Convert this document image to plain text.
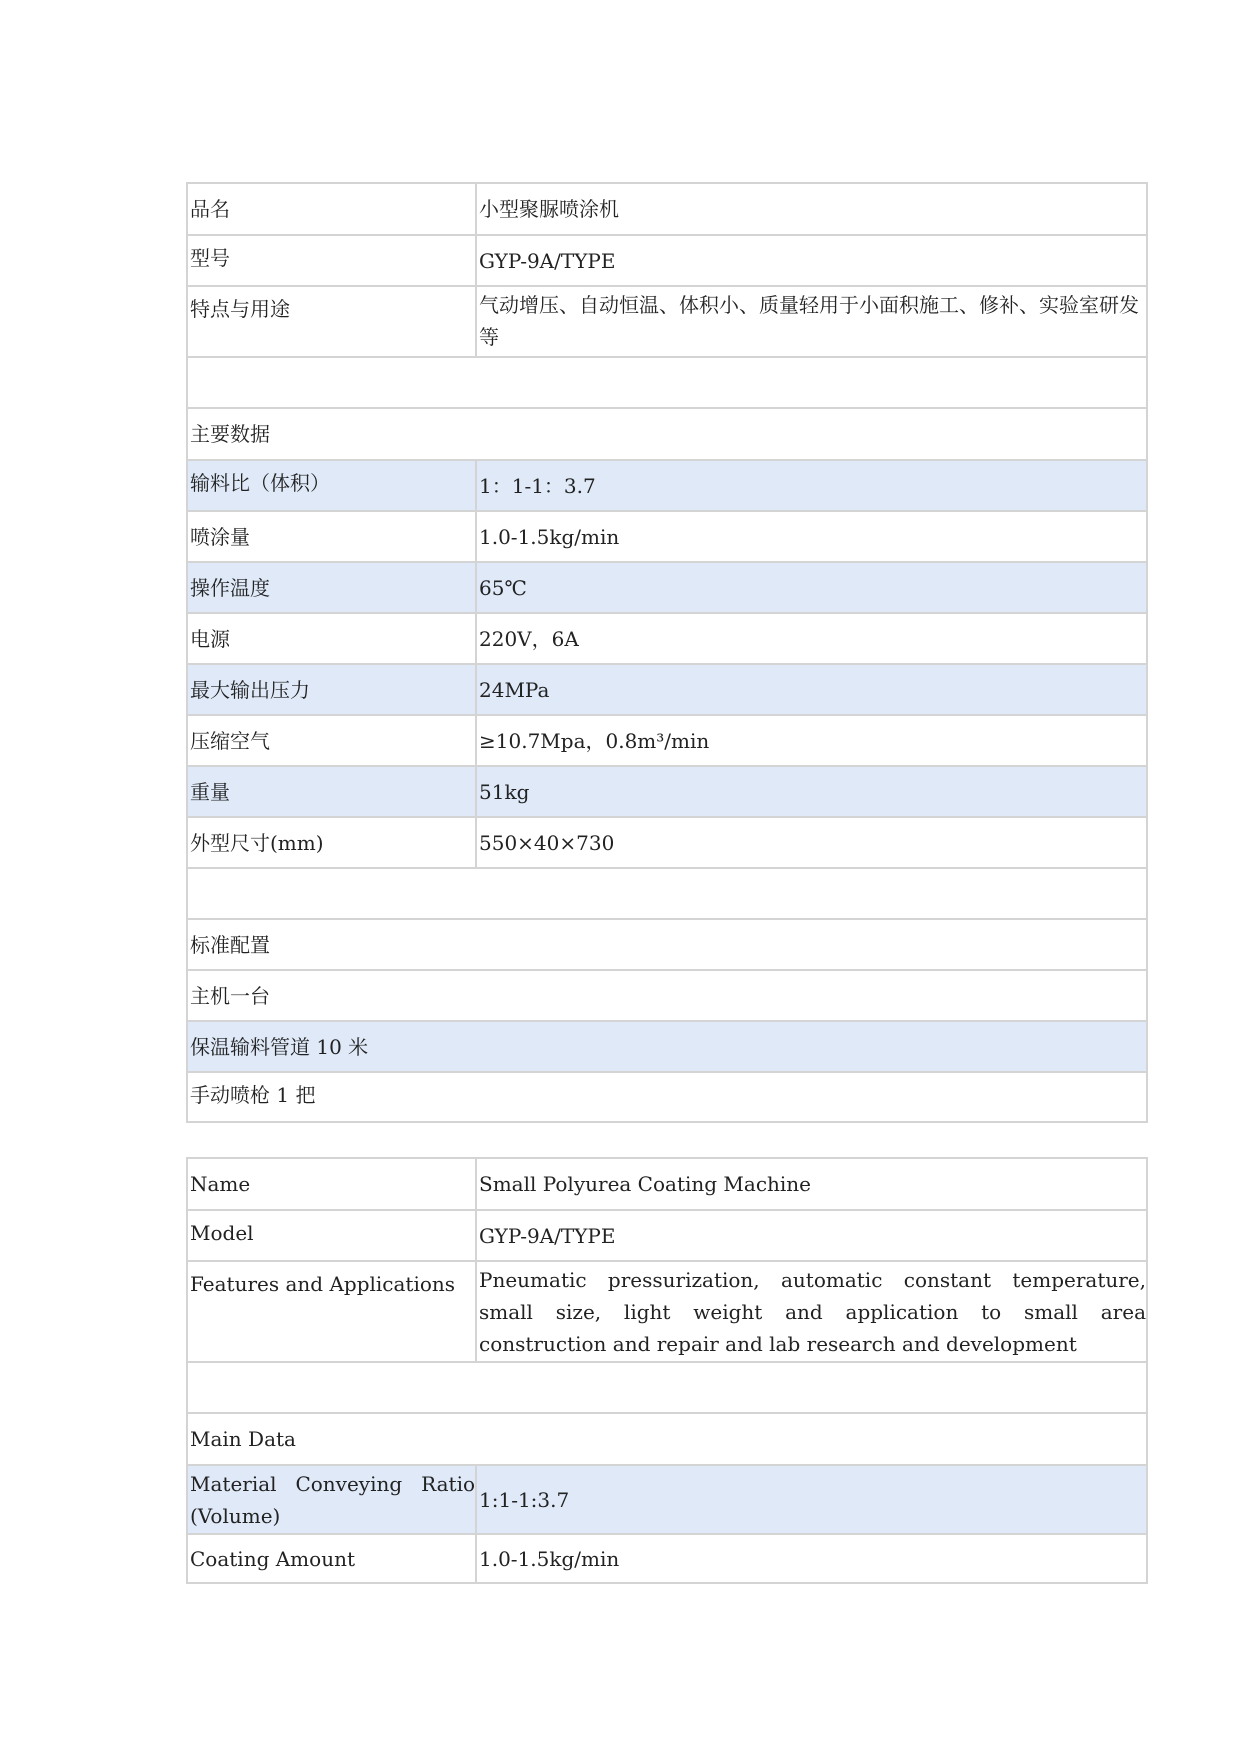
品名	小型聚脲喷涂机
型号	GYP-9A/TYPE
特点与用途	气动增压、自动恒温、体积小、质量轻用于小面积施工、修补、实验室研发等

主要数据	
输料比（体积）	1：1-1：3.7
喷涂量	1.0-1.5kg/min
操作温度	65℃
电源	220V，6A
最大输出压力	24MPa
压缩空气	≥10.7Mpa，0.8m³/min
重量	51kg
外型尺寸(mm)	550×40×730

标准配置	
主机一台	
保温输料管道 10 米	
手动喷枪 1 把	
Name	Small Polyurea Coating Machine
Model	GYP-9A/TYPE
Features and Applications	Pneumatic pressurization, automatic constant temperature, small size, light weight and application to small area construction and repair and lab research and development

Main Data	

Material Conveying Ratio
(Volume)	1:1-1:3.7
Coating Amount	1.0-1.5kg/min
